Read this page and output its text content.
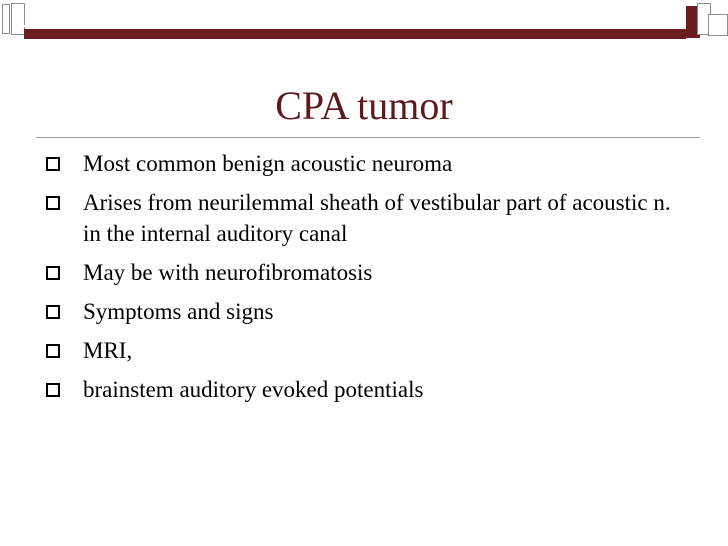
CPA tumor
Most common benign acoustic neuroma
Arises from neurilemmal sheath of vestibular part of acoustic n. in the internal auditory canal
May be with neurofibromatosis
Symptoms and signs
MRI,
brainstem auditory evoked potentials
